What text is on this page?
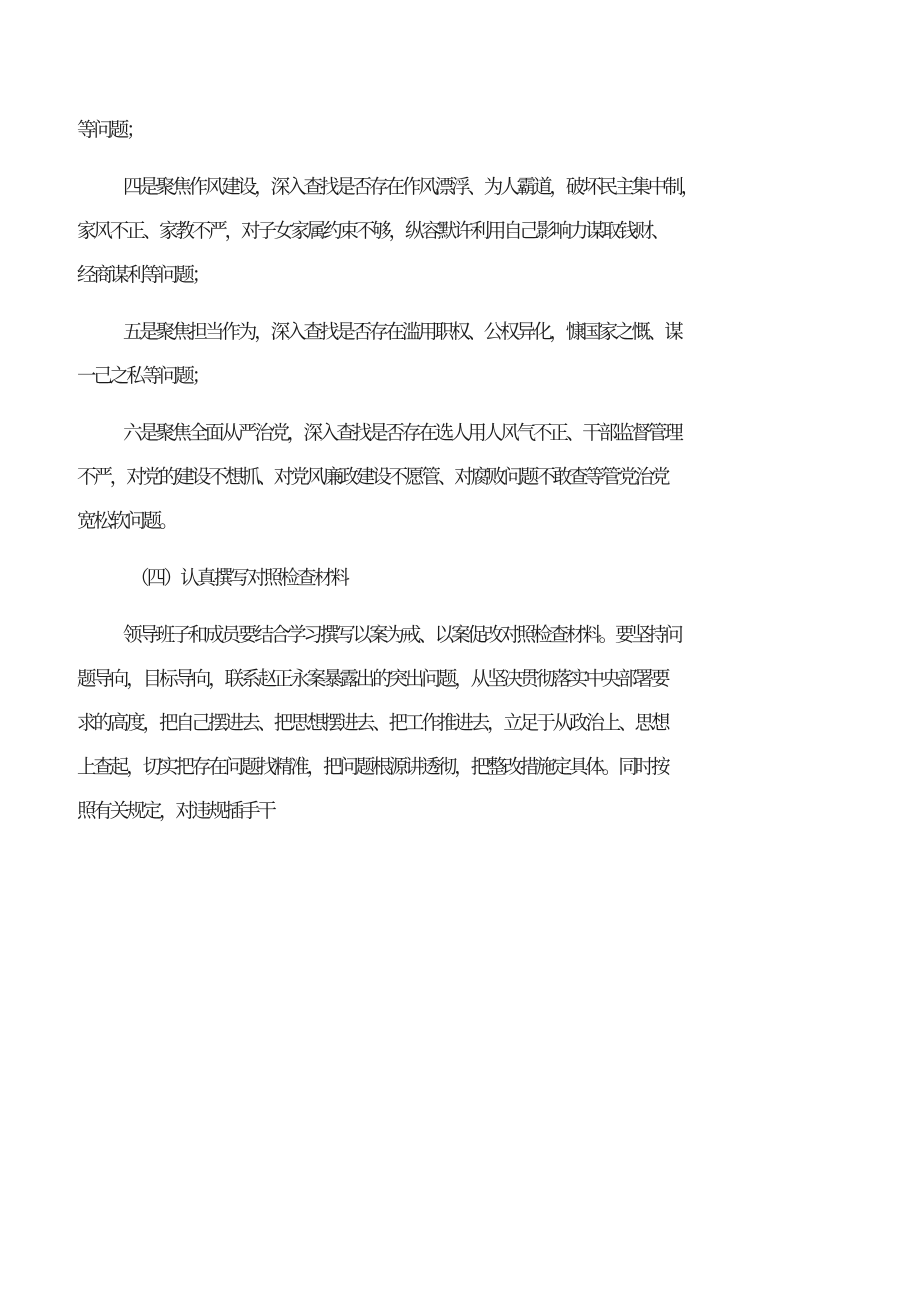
等问题；
四是聚焦作风建设，深入查找是否存在作风漂浮、为人霸道，破坏民主集中制，
家风不正、家教不严，对子女家属约束不够，纵容默许利用自己影响力谋取钱财、
经商谋利等问题；
五是聚焦担当作为，深入查找是否存在滥用职权、公权异化，慷国家之慨、谋
一己之私等问题；
六是聚焦全面从严治党，深入查找是否存在选人用人风气不正、干部监督管理
不严，对党的建设不想抓、对党风廉政建设不愿管、对腐败问题不敢查等管党治党
宽松软问题。
（四）认真撰写对照检查材料
领导班子和成员要结合学习撰写以案为戒、以案促改对照检查材料。要坚持问
题导向，目标导向，联系赵正永案暴露出的突出问题，从坚决贯彻落实中央部署要
求的高度，把自己摆进去、把思想摆进去、把工作推进去，立足于从政治上、思想
上查起，切实把存在问题找精准，把问题根源讲透彻，把整改措施定具体。同时按
照有关规定，对违规插手干
